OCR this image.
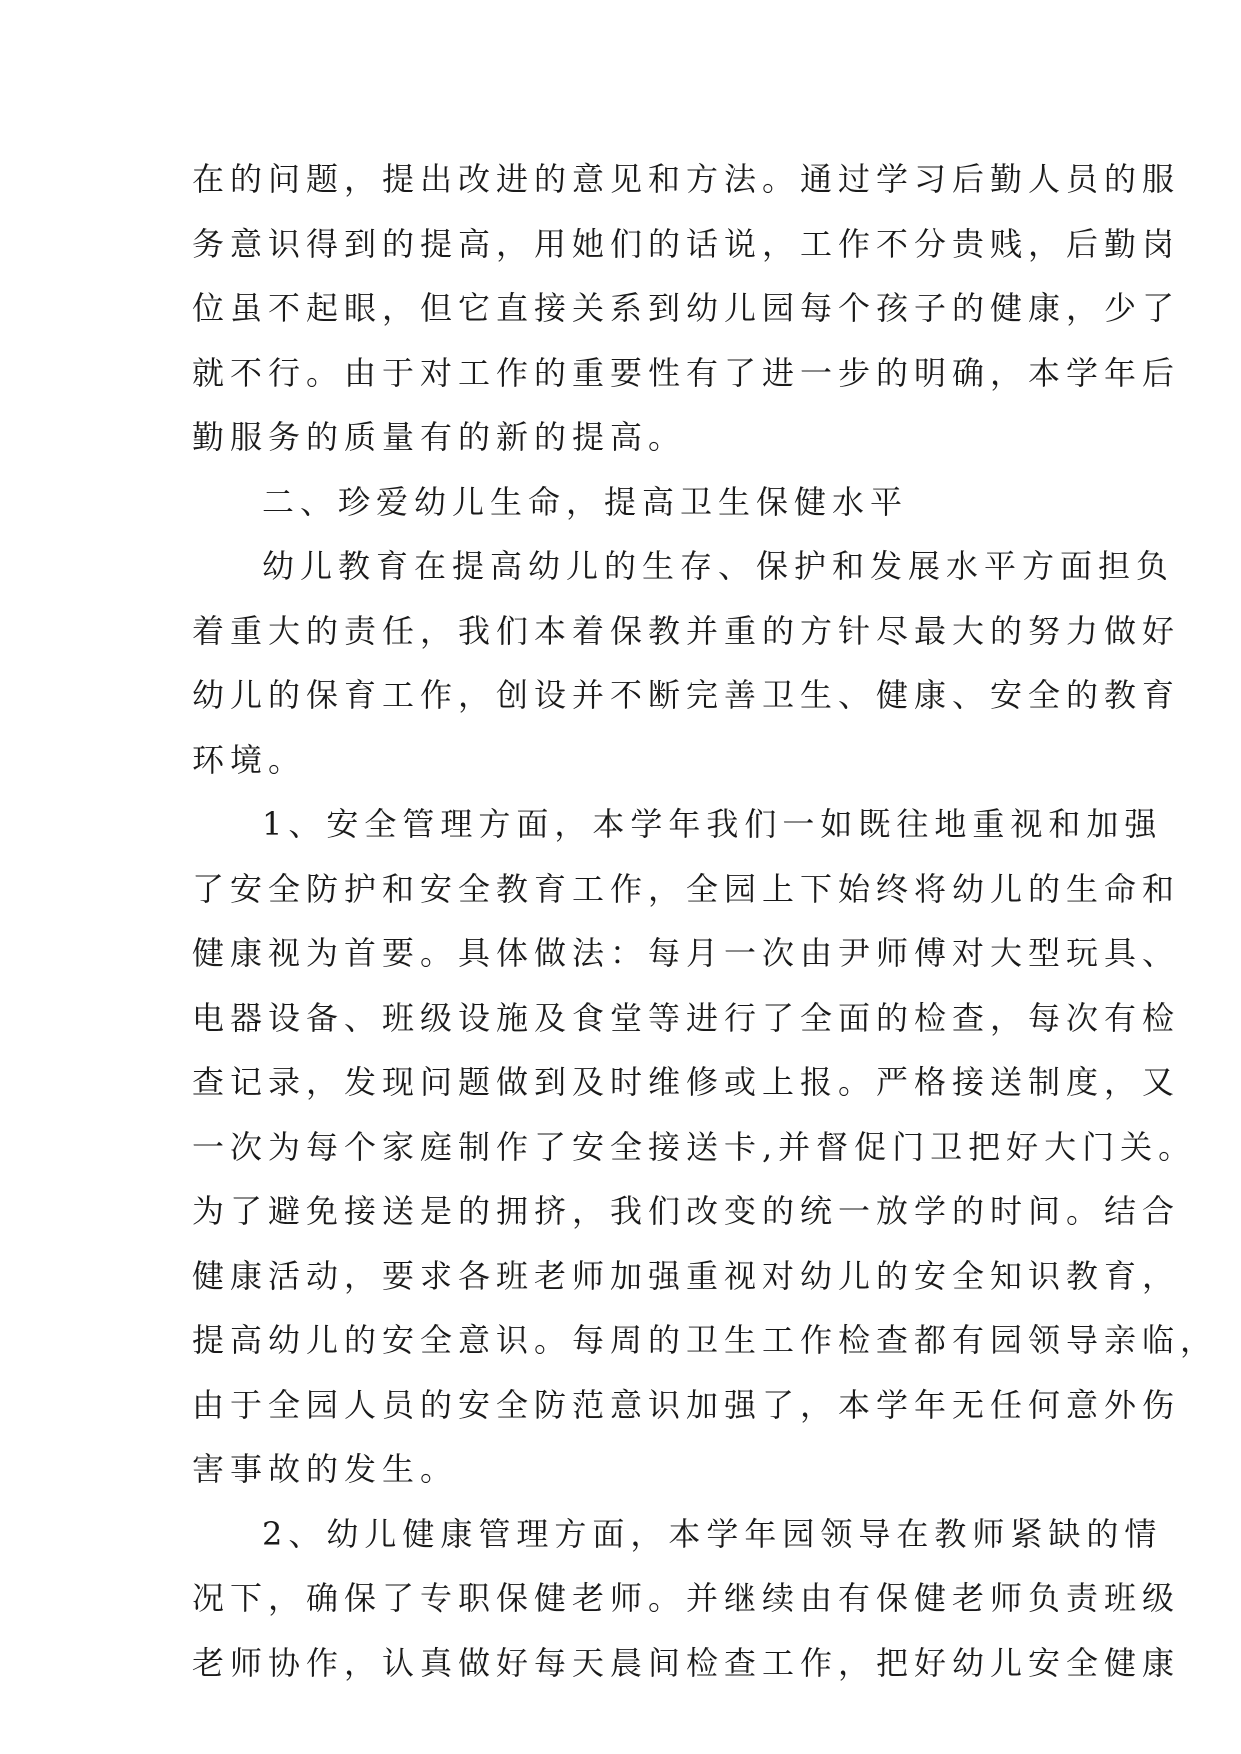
在的问题，提出改进的意见和方法。通过学习后勤人员的服
务意识得到的提高，用她们的话说，工作不分贵贱，后勤岗
位虽不起眼，但它直接关系到幼儿园每个孩子的健康，少了
就不行。由于对工作的重要性有了进一步的明确，本学年后
勤服务的质量有的新的提高。

二、珍爱幼儿生命，提高卫生保健水平

幼儿教育在提高幼儿的生存、保护和发展水平方面担负
着重大的责任，我们本着保教并重的方针尽最大的努力做好
幼儿的保育工作，创设并不断完善卫生、健康、安全的教育
环境。

1、安全管理方面，本学年我们一如既往地重视和加强
了安全防护和安全教育工作，全园上下始终将幼儿的生命和
健康视为首要。具体做法：每月一次由尹师傅对大型玩具、
电器设备、班级设施及食堂等进行了全面的检查，每次有检
查记录，发现问题做到及时维修或上报。严格接送制度，又
一次为每个家庭制作了安全接送卡,并督促门卫把好大门关。
为了避免接送是的拥挤，我们改变的统一放学的时间。结合
健康活动，要求各班老师加强重视对幼儿的安全知识教育，
提高幼儿的安全意识。每周的卫生工作检查都有园领导亲临，
由于全园人员的安全防范意识加强了，本学年无任何意外伤
害事故的发生。

2、幼儿健康管理方面，本学年园领导在教师紧缺的情
况下，确保了专职保健老师。并继续由有保健老师负责班级
老师协作，认真做好每天晨间检查工作，把好幼儿安全健康
